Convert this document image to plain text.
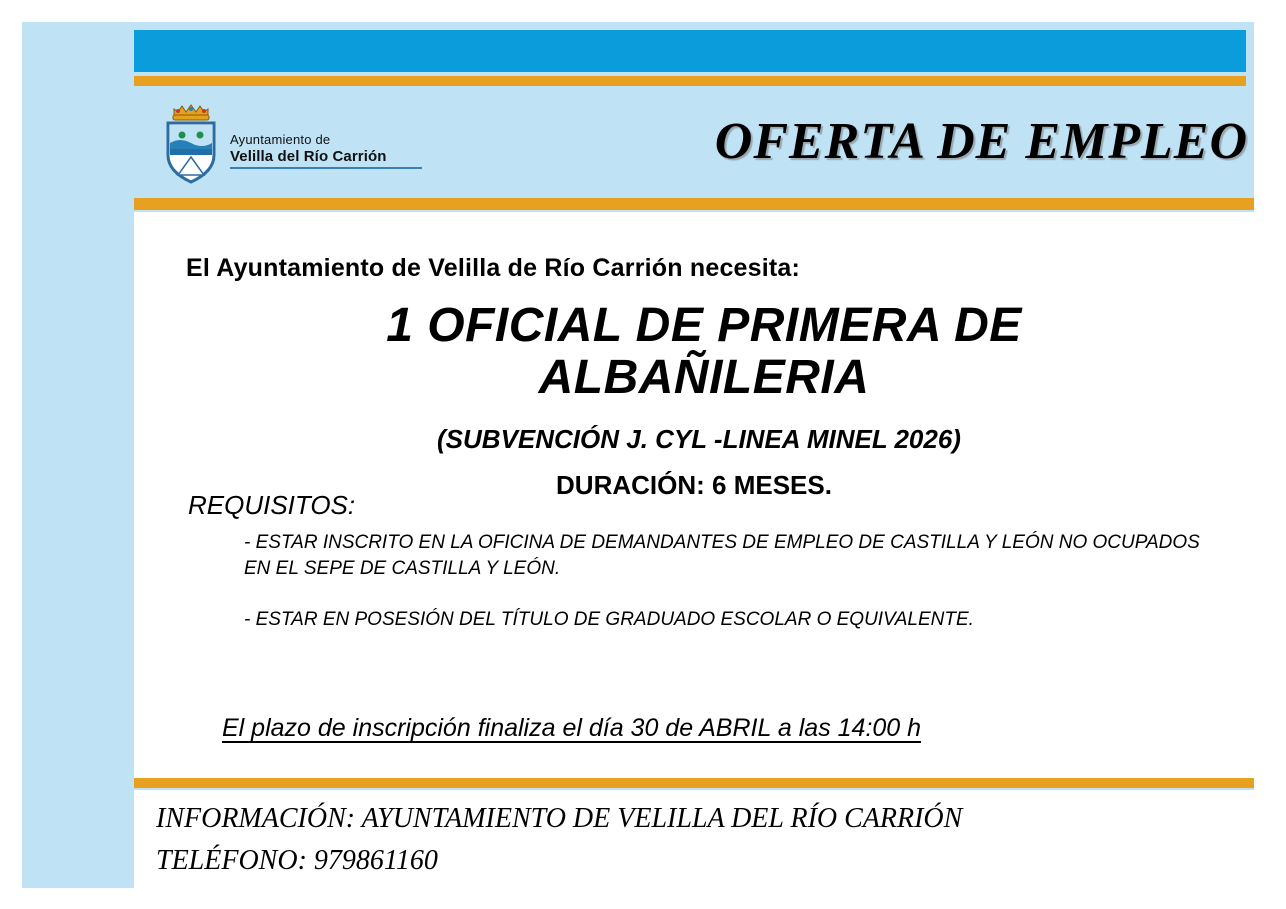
Ayuntamiento de
Velilla del Río Carrión	OFERTA DE EMPLEO
El Ayuntamiento de Velilla de Río Carrión necesita:
1 OFICIAL DE PRIMERA DE
ALBAÑILERIA
(SUBVENCIÓN J. CYL -LINEA MINEL 2026)
DURACIÓN: 6 MESES.
REQUISITOS:
- ESTAR INSCRITO EN LA OFICINA DE DEMANDANTES DE EMPLEO DE CASTILLA Y LEÓN NO OCUPADOS EN EL SEPE DE CASTILLA Y LEÓN.
- ESTAR EN POSESIÓN DEL TÍTULO DE GRADUADO ESCOLAR O EQUIVALENTE.
El plazo de inscripción finaliza el día 30 de ABRIL a las 14:00 h
INFORMACIÓN: AYUNTAMIENTO DE VELILLA DEL RÍO CARRIÓN
TELÉFONO: 979861160
